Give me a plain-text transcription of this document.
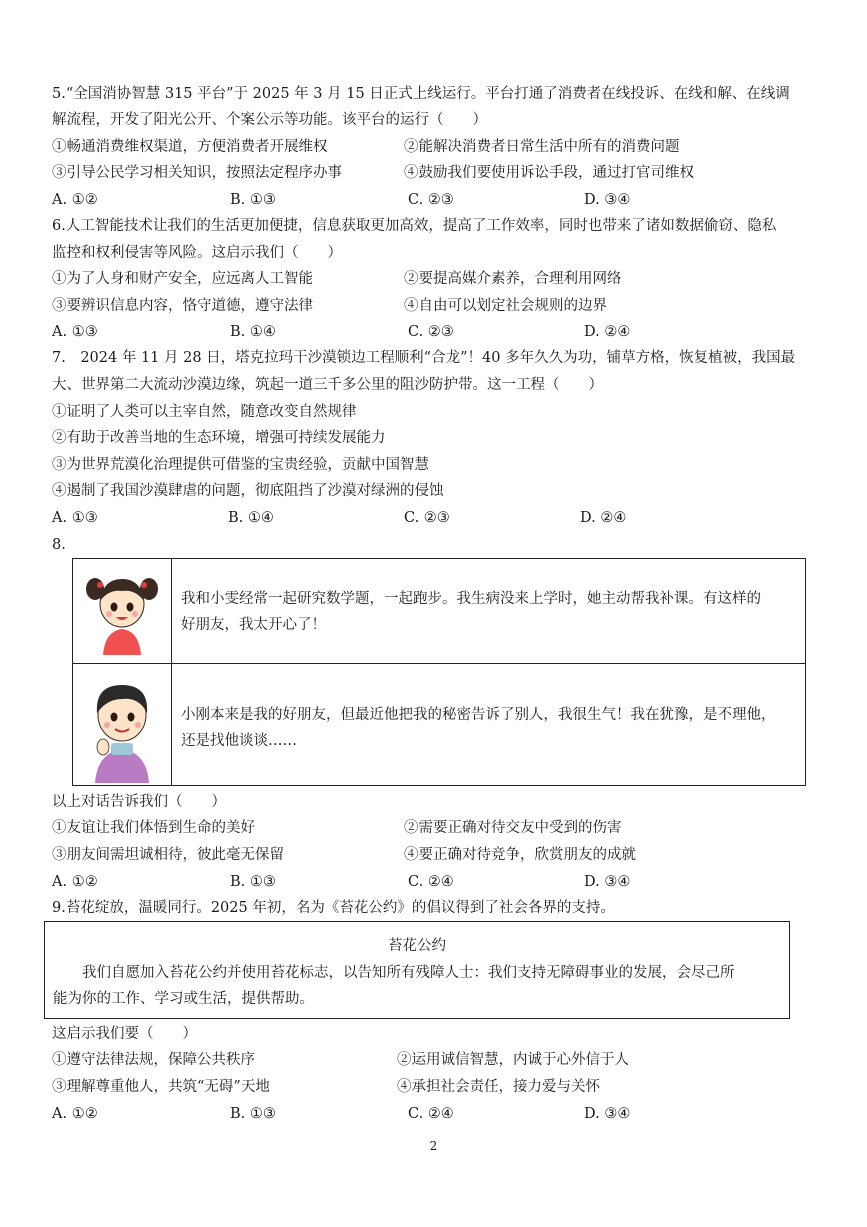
5.“全国消协智慧 315 平台”于 2025 年 3 月 15 日正式上线运行。平台打通了消费者在线投诉、在线和解、在线调
解流程，开发了阳光公开、个案公示等功能。该平台的运行（　　）
①畅通消费维权渠道，方便消费者开展维权	②能解决消费者日常生活中所有的消费问题
③引导公民学习相关知识，按照法定程序办事	④鼓励我们要使用诉讼手段，通过打官司维权
A. ①②	B. ①③	C. ②③	D. ③④
6.人工智能技术让我们的生活更加便捷，信息获取更加高效，提高了工作效率，同时也带来了诸如数据偷窃、隐私
监控和权利侵害等风险。这启示我们（　　）
①为了人身和财产安全，应远离人工智能	②要提高媒介素养，合理利用网络
③要辨识信息内容，恪守道德，遵守法律	④自由可以划定社会规则的边界
A. ①③	B. ①④	C. ②③	D. ②④
7.　2024 年 11 月 28 日，塔克拉玛干沙漠锁边工程顺利“合龙”！40 多年久久为功，铺草方格，恢复植被，我国最
大、世界第二大流动沙漠边缘，筑起一道三千多公里的阻沙防护带。这一工程（　　）
①证明了人类可以主宰自然，随意改变自然规律
②有助于改善当地的生态环境，增强可持续发展能力
③为世界荒漠化治理提供可借鉴的宝贵经验，贡献中国智慧
④遏制了我国沙漠肆虐的问题，彻底阻挡了沙漠对绿洲的侵蚀
A. ①③	B. ①④	C. ②③	D. ②④
8.
我和小雯经常一起研究数学题，一起跑步。我生病没来上学时，她主动帮我补课。有这样的
好朋友，我太开心了！
小刚本来是我的好朋友，但最近他把我的秘密告诉了别人，我很生气！我在犹豫，是不理他，
还是找他谈谈……
以上对话告诉我们（　　）
①友谊让我们体悟到生命的美好	②需要正确对待交友中受到的伤害
③朋友间需坦诚相待，彼此毫无保留	④要正确对待竞争，欣赏朋友的成就
A. ①②	B. ①③	C. ②④	D. ③④
9.苔花绽放，温暖同行。2025 年初，名为《苔花公约》的倡议得到了社会各界的支持。
苔花公约
　　我们自愿加入苔花公约并使用苔花标志，以告知所有残障人士：我们支持无障碍事业的发展，会尽己所
能为你的工作、学习或生活，提供帮助。
这启示我们要（　　）
①遵守法律法规，保障公共秩序	②运用诚信智慧，内诚于心外信于人
③理解尊重他人，共筑“无碍”天地	④承担社会责任，接力爱与关怀
A. ①②	B. ①③	C. ②④	D. ③④
2
